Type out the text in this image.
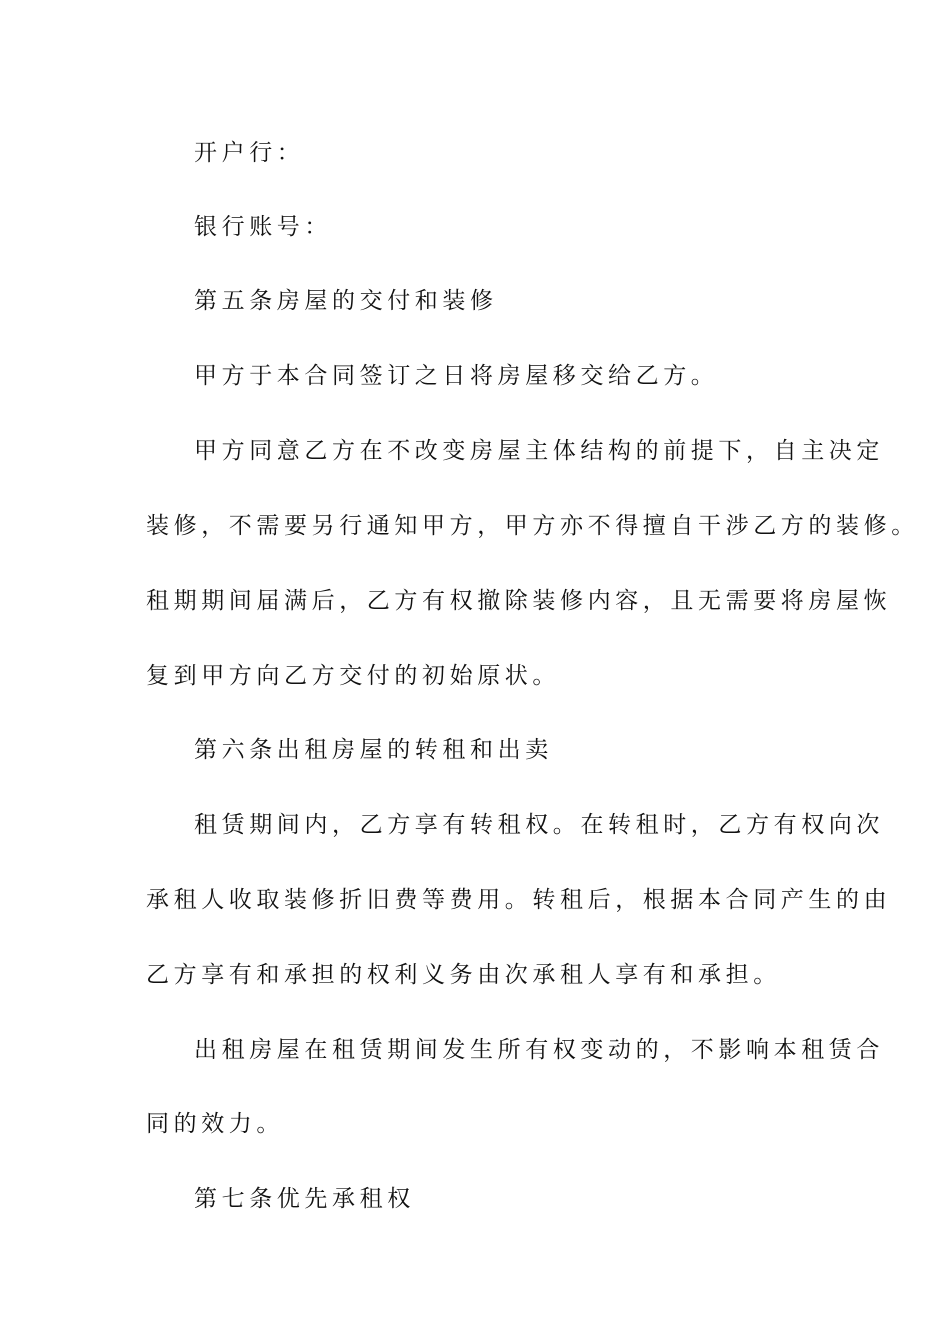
开户行：

银行账号：

第五条房屋的交付和装修

甲方于本合同签订之日将房屋移交给乙方。

甲方同意乙方在不改变房屋主体结构的前提下，自主决定

装修，不需要另行通知甲方，甲方亦不得擅自干涉乙方的装修。

租期期间届满后，乙方有权撤除装修内容，且无需要将房屋恢

复到甲方向乙方交付的初始原状。

第六条出租房屋的转租和出卖

租赁期间内，乙方享有转租权。在转租时，乙方有权向次

承租人收取装修折旧费等费用。转租后，根据本合同产生的由

乙方享有和承担的权利义务由次承租人享有和承担。

出租房屋在租赁期间发生所有权变动的，不影响本租赁合

同的效力。

第七条优先承租权
